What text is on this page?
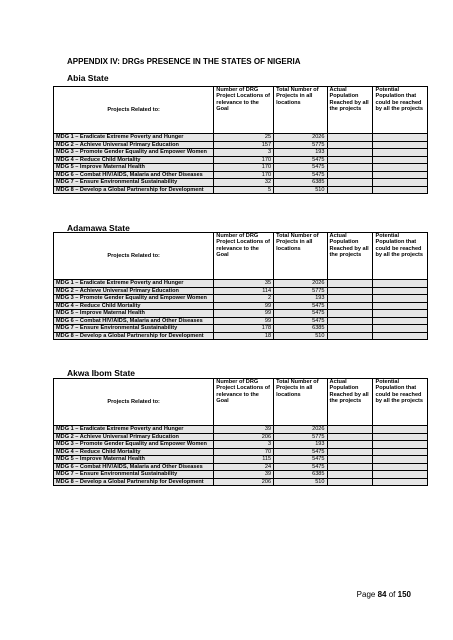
APPENDIX IV: DRGs PRESENCE IN THE STATES OF NIGERIA
Abia State
Projects Related to:	Number of DRG Project Locations of relevance to the Goal	Total Number of Projects in all locations	Actual Population Reached by all the projects	Potential Population that could be reached by all the projects
MDG 1 – Eradicate Extreme Poverty and Hunger	25	2026		
MDG 2 – Achieve Universal Primary Education	157	5775		
MDG 3 – Promote Gender Equality and Empower Women	3	193		
MDG 4 – Reduce Child Mortality	170	5475		
MDG 5 – Improve Maternal Health	170	5475		
MDG 6 – Combat HIV/AIDS, Malaria and Other Diseases	170	5475		
MDG 7 – Ensure Environmental Sustainability	32	6385		
MDG 8 – Develop a Global Partnership for Development	5	510		
Adamawa State
Projects Related to:	Number of DRG Project Locations of relevance to the Goal	Total Number of Projects in all locations	Actual Population Reached by all the projects	Potential Population that could be reached by all the projects
MDG 1 – Eradicate Extreme Poverty and Hunger	35	2026		
MDG 2 – Achieve Universal Primary Education	114	5775		
MDG 3 – Promote Gender Equality and Empower Women	2	193		
MDG 4 – Reduce Child Mortality	99	5475		
MDG 5 – Improve Maternal Health	99	5475		
MDG 6 – Combat HIV/AIDS, Malaria and Other Diseases	99	5475		
MDG 7 – Ensure Environmental Sustainability	178	6385		
MDG 8 – Develop a Global Partnership for Development	18	510		
Akwa Ibom State
Projects Related to:	Number of DRG Project Locations of relevance to the Goal	Total Number of Projects in all locations	Actual Population Reached by all the projects	Potential Population that could be reached by all the projects
MDG 1 – Eradicate Extreme Poverty and Hunger	39	2026		
MDG 2 – Achieve Universal Primary Education	206	5775		
MDG 3 – Promote Gender Equality and Empower Women	3	193		
MDG 4 – Reduce Child Mortality	70	5475		
MDG 5 – Improve Maternal Health	115	5475		
MDG 6 – Combat HIV/AIDS, Malaria and Other Diseases	24	5475		
MDG 7 – Ensure Environmental Sustainability	39	6385		
MDG 8 – Develop a Global Partnership for Development	206	510		
Page 84 of 150
